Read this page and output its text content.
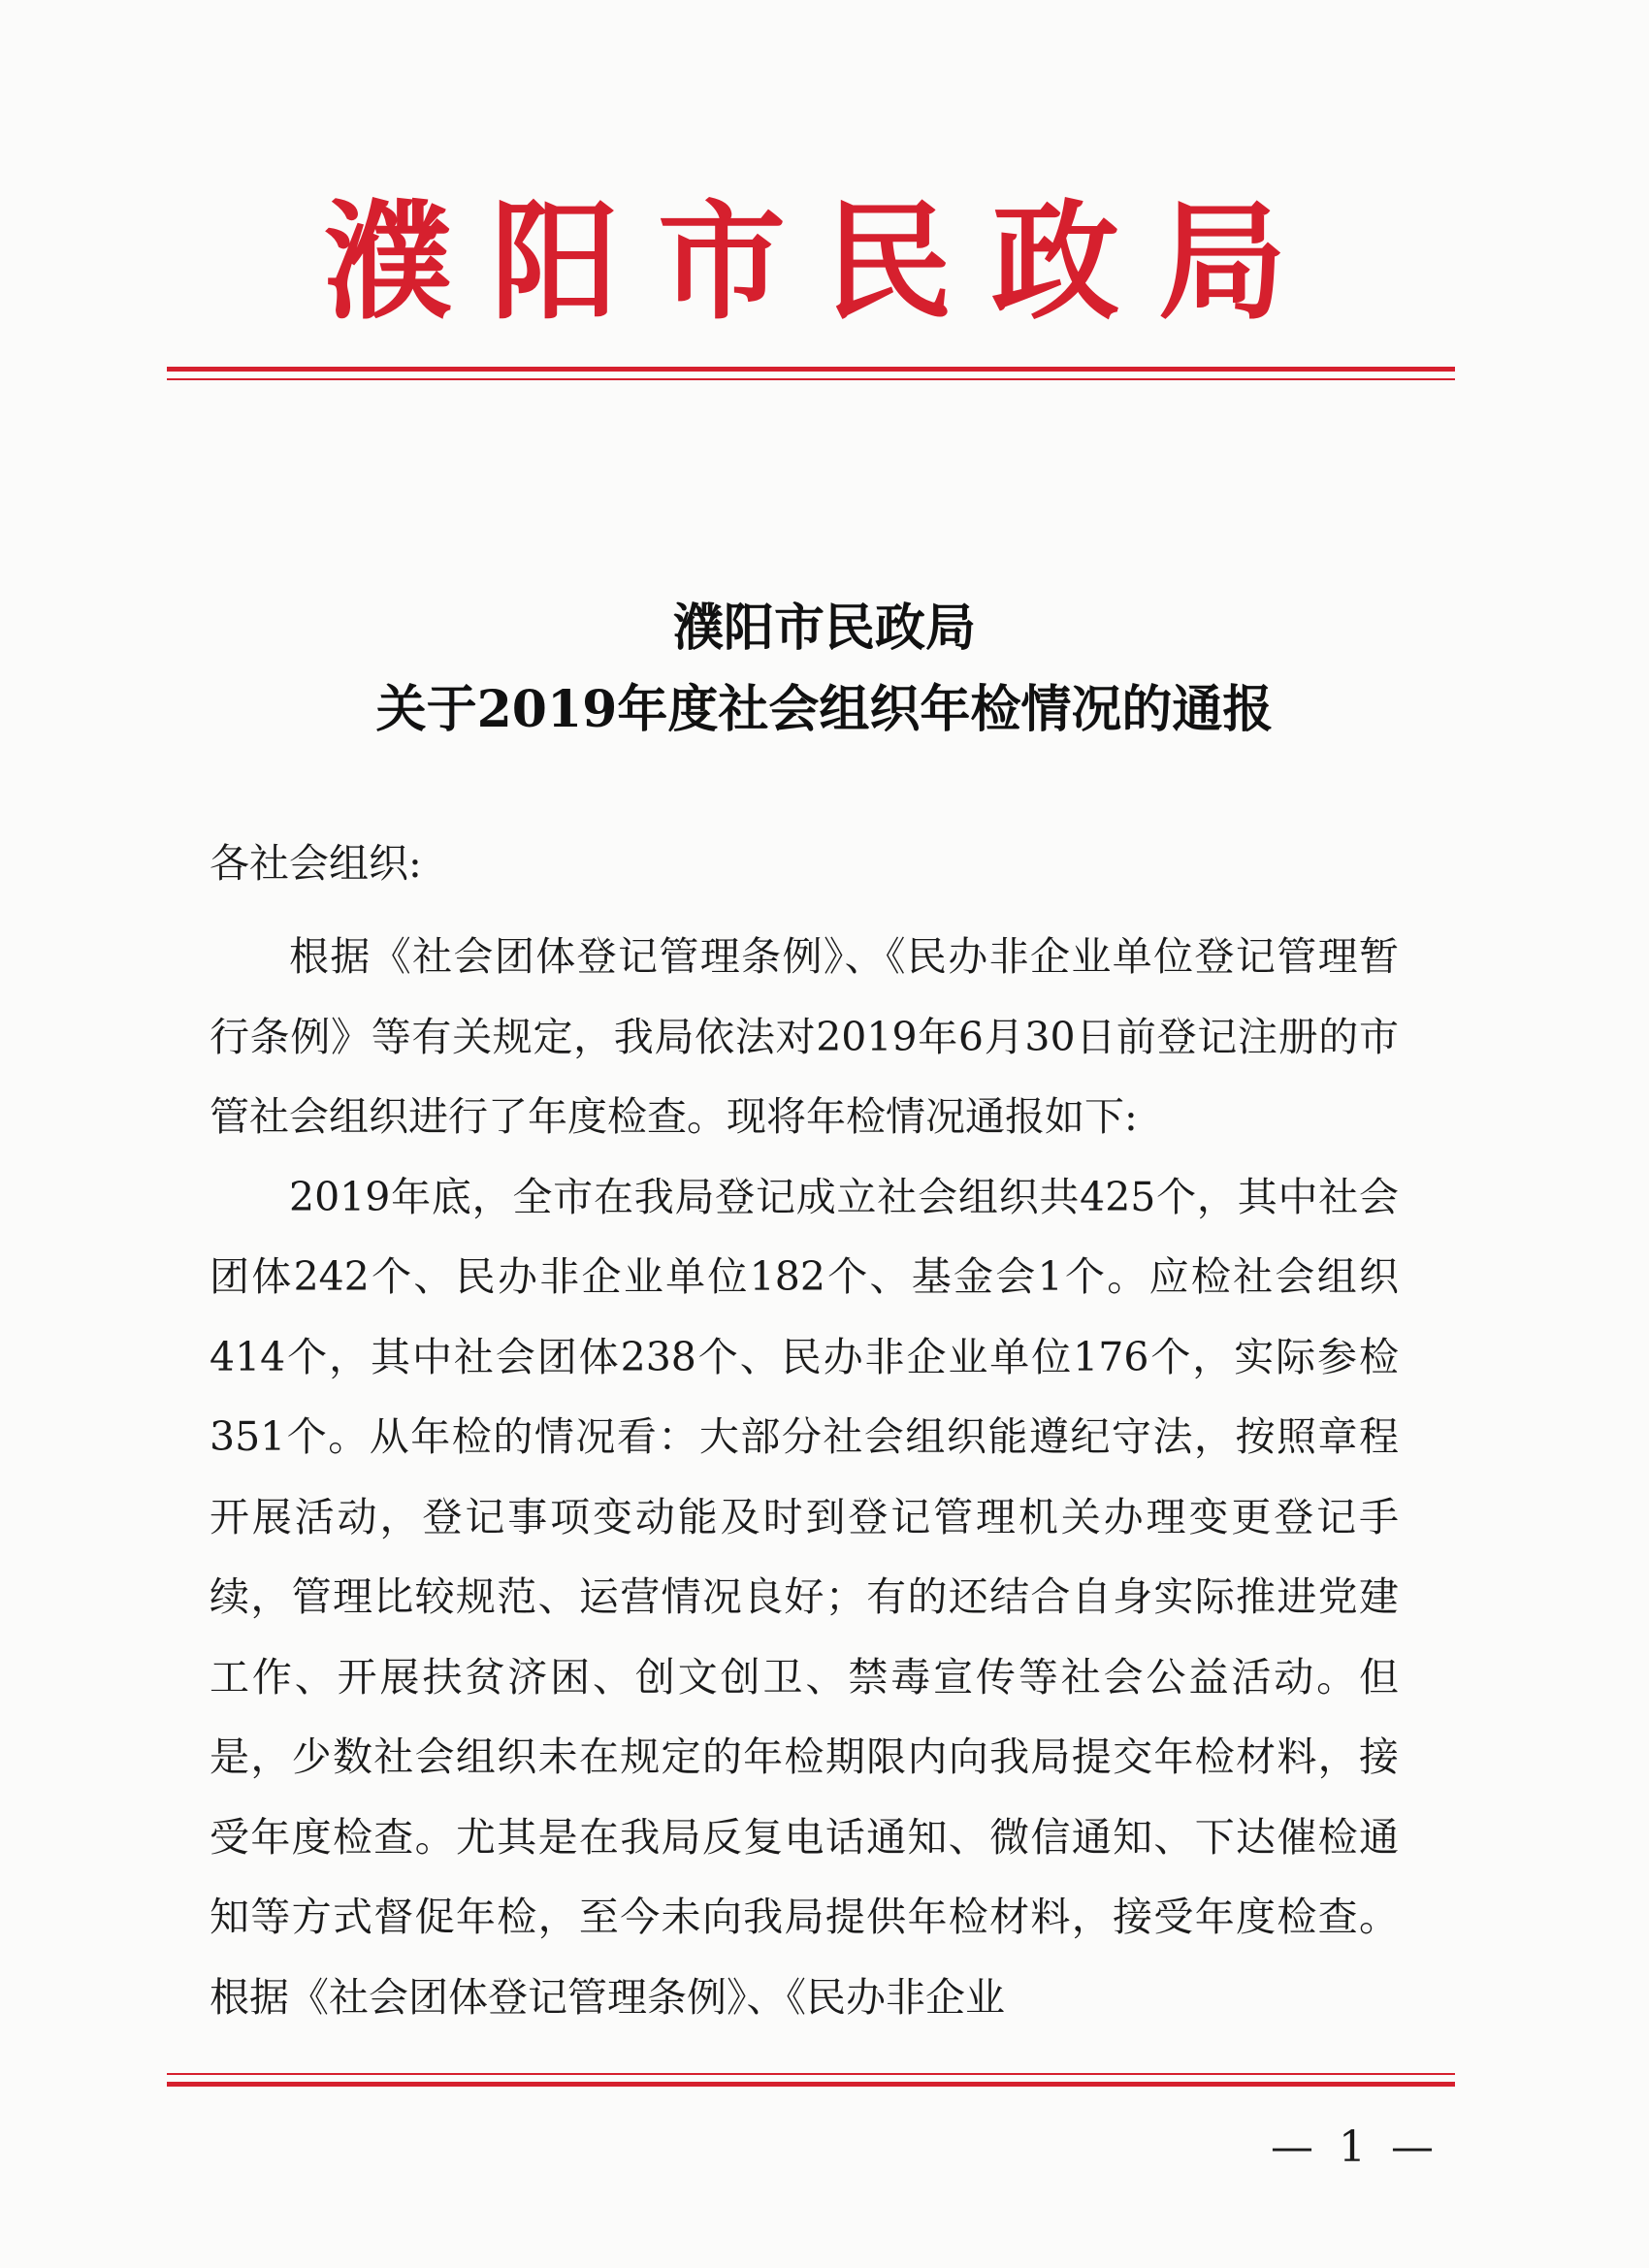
濮阳市民政局
濮阳市民政局
关于2019年度社会组织年检情况的通报
各社会组织:

根据《社会团体登记管理条例》、《民办非企业单位登记管理暂行条例》等有关规定，我局依法对2019年6月30日前登记注册的市管社会组织进行了年度检查。现将年检情况通报如下:

2019年底，全市在我局登记成立社会组织共425个，其中社会团体242个、民办非企业单位182个、基金会1个。应检社会组织414个，其中社会团体238个、民办非企业单位176个，实际参检 351个。从年检的情况看：大部分社会组织能遵纪守法，按照章程开展活动，登记事项变动能及时到登记管理机关办理变更登记手续，管理比较规范、运营情况良好；有的还结合自身实际推进党建工作、开展扶贫济困、创文创卫、禁毒宣传等社会公益活动。但是，少数社会组织未在规定的年检期限内向我局提交年检材料，接受年度检查。尤其是在我局反复电话通知、微信通知、下达催检通知等方式督促年检，至今未向我局提供年检材料，接受年度检查。根据《社会团体登记管理条例》、《民办非企业

— 1 —
